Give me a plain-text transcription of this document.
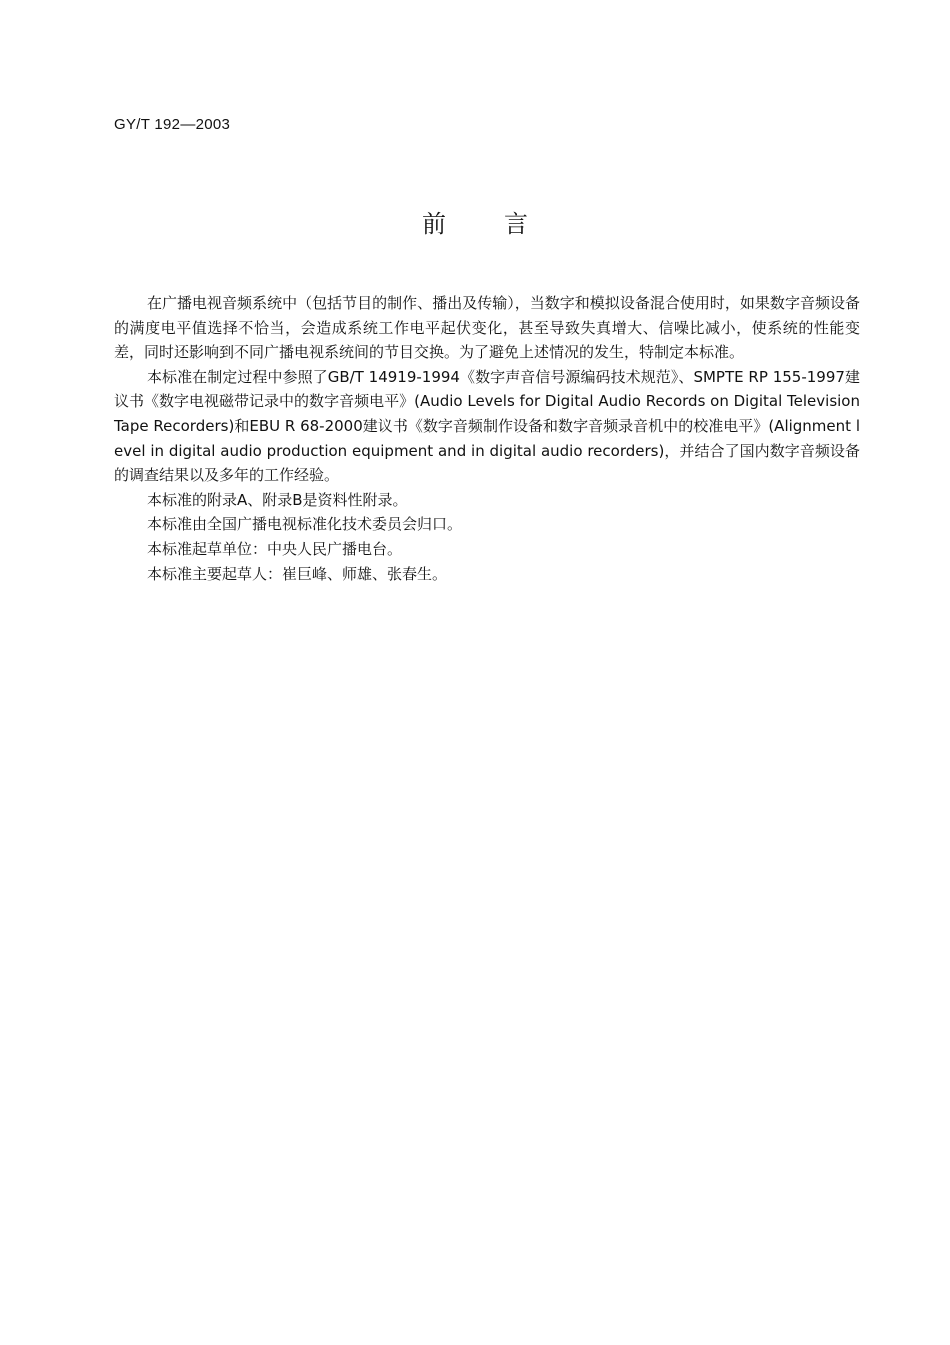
GY/T 192—2003
前言

在广播电视音频系统中（包括节目的制作、播出及传输），当数字和模拟设备混合使用时，如果数字音频设备的满度电平值选择不恰当，会造成系统工作电平起伏变化，甚至导致失真增大、信噪比减小，使系统的性能变差，同时还影响到不同广播电视系统间的节目交换。为了避免上述情况的发生，特制定本标准。

本标准在制定过程中参照了GB/T 14919-1994《数字声音信号源编码技术规范》、SMPTE RP 155-1997建议书《数字电视磁带记录中的数字音频电平》(Audio Levels for Digital Audio Records on Digital Television Tape Recorders)和EBU R 68-2000建议书《数字音频制作设备和数字音频录音机中的校准电平》(Alignment level in digital audio production equipment and in digital audio recorders)，并结合了国内数字音频设备的调查结果以及多年的工作经验。

本标准的附录A、附录B是资料性附录。

本标准由全国广播电视标准化技术委员会归口。

本标准起草单位：中央人民广播电台。

本标准主要起草人：崔巨峰、师雄、张春生。
